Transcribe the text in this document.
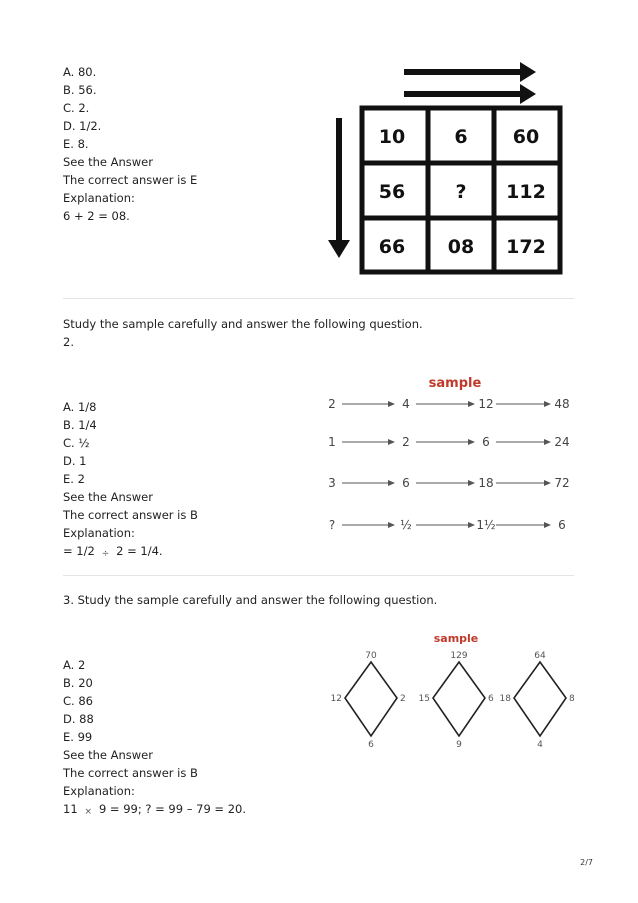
A. 80.
B. 56.
C. 2.
D. 1/2.
E. 8.
See the Answer
The correct answer is E
Explanation:
6 + 2 = 08.
10	6 60
56	? 112
66 08 172
Study the sample carefully and answer the following question.
2.
A. 1/8
B. 1/4
C. ½
D. 1
E. 2
See the Answer
The correct answer is B
Explanation:
= 1/2 ÷ 2 = 1/4.
sample
2	4	12	48
1	2	6	24
3	6	18	72
?	½	1½	6
3. Study the sample carefully and answer the following question.
A. 2
B. 20
C. 86
D. 88
E. 99
See the Answer
The correct answer is B
Explanation:
11 × 9 = 99; ? = 99 – 79 = 20.
sample
70
12	2
6
129
15	6
9
64
18	8
4
2/7
